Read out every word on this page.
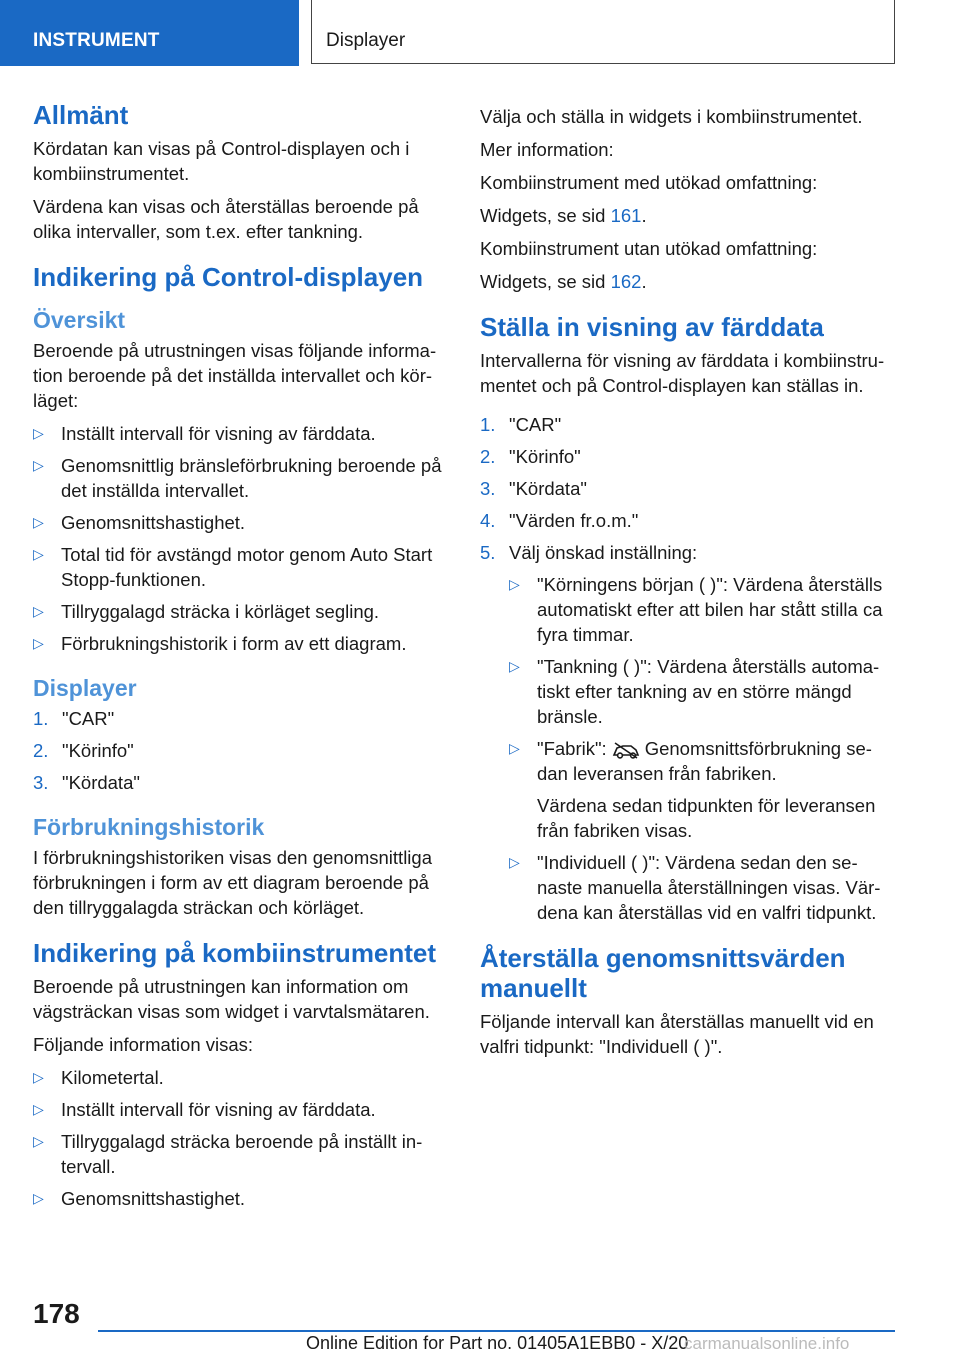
INSTRUMENT	Displayer
Allmänt

Kördatan kan visas på Control-displayen och i kombiinstrumentet.

Värdena kan visas och återställas beroende på olika intervaller, som t.ex. efter tankning.

Indikering på Control-displayen
Översikt

Beroende på utrustningen visas följande informa-tion beroende på det inställda intervallet och kör-läget:

▷ Inställt intervall för visning av färddata.
▷ Genomsnittlig bränsleförbrukning beroende på det inställda intervallet.
▷ Genomsnittshastighet.
▷ Total tid för avstängd motor genom Auto Start Stopp-funktionen.
▷ Tillryggalagd sträcka i körläget segling.
▷ Förbrukningshistorik i form av ett diagram.
Displayer
1. "CAR"
2. "Körinfo"
3. "Kördata"
Förbrukningshistorik

I förbrukningshistoriken visas den genomsnittliga förbrukningen i form av ett diagram beroende på den tillryggalagda sträckan och körläget.

Indikering på kombiinstrumentet

Beroende på utrustningen kan information om vägsträckan visas som widget i varvtalsmätaren.

Följande information visas:

▷ Kilometertal.
▷ Inställt intervall för visning av färddata.
▷ Tillryggalagd sträcka beroende på inställt in-tervall.
▷ Genomsnittshastighet.

Välja och ställa in widgets i kombiinstrumentet.

Mer information:

Kombiinstrument med utökad omfattning:

Widgets, se sid 161.

Kombiinstrument utan utökad omfattning:

Widgets, se sid 162.

Ställa in visning av färddata

Intervallerna för visning av färddata i kombiinstru-mentet och på Control-displayen kan ställas in.

1. "CAR"
2. "Körinfo"
3. "Kördata"
4. "Värden fr.o.m."
5. Välj önskad inställning:
▷ "Körningens början ( )": Värdena återställs automatiskt efter att bilen har stått stilla ca fyra timmar.
▷ "Tankning ( )": Värdena återställs automa-tiskt efter tankning av en större mängd bränsle.
▷ "Fabrik": Genomsnittsförbrukning se-dan leveransen från fabriken.
Värdena sedan tidpunkten för leveransen från fabriken visas.
▷ "Individuell ( )": Värdena sedan den se-naste manuella återställningen visas. Vär-dena kan återställas vid en valfri tidpunkt.
Återställa genomsnittsvärden manuellt

Följande intervall kan återställas manuellt vid en valfri tidpunkt: "Individuell ( )".

178
Online Edition for Part no. 01405A1EBB0 - X/20
carmanualsonline.info
